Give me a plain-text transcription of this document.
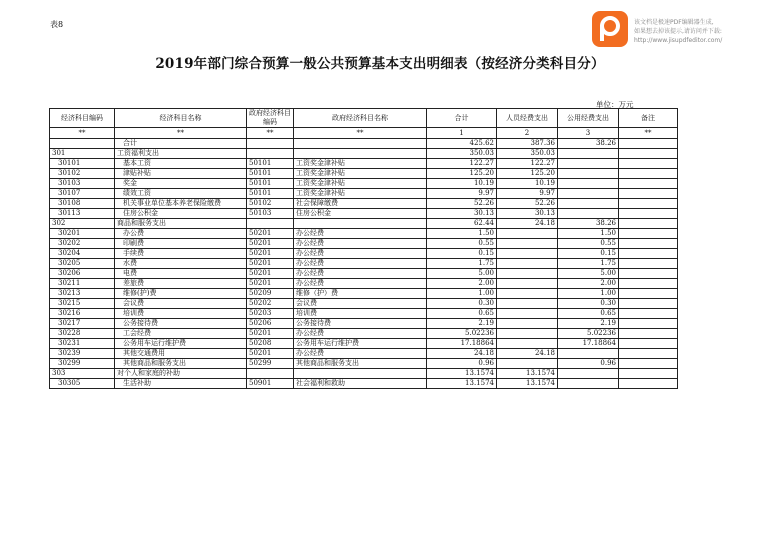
表8	该文档是极速PDF编辑器生成,
如果想去掉该提示,请访问并下载:
http://www.jisupdfeditor.com/
2019年部门综合预算一般公共预算基本支出明细表（按经济分类科目分）
单位：万元
经济科目编码	经济科目名称	政府经济科目编码	政府经济科目名称	合计	人员经费支出	公用经费支出	备注
**	**	**	**	1	2	3	**
	合计			425.62	387.36	38.26	
301	工资福利支出			350.03	350.03		
30101	基本工资	50101	工资奖金津补贴	122.27	122.27		
30102	津贴补贴	50101	工资奖金津补贴	125.20	125.20		
30103	奖金	50101	工资奖金津补贴	10.19	10.19		
30107	绩效工资	50101	工资奖金津补贴	9.97	9.97		
30108	机关事业单位基本养老保险缴费	50102	社会保障缴费	52.26	52.26		
30113	住房公积金	50103	住房公积金	30.13	30.13		
302	商品和服务支出			62.44	24.18	38.26	
30201	办公费	50201	办公经费	1.50		1.50	
30202	印刷费	50201	办公经费	0.55		0.55	
30204	手续费	50201	办公经费	0.15		0.15	
30205	水费	50201	办公经费	1.75		1.75	
30206	电费	50201	办公经费	5.00		5.00	
30211	差旅费	50201	办公经费	2.00		2.00	
30213	维修(护)费	50209	维修（护）费	1.00		1.00	
30215	会议费	50202	会议费	0.30		0.30	
30216	培训费	50203	培训费	0.65		0.65	
30217	公务接待费	50206	公务接待费	2.19		2.19	
30228	工会经费	50201	办公经费	5.02236		5.02236	
30231	公务用车运行维护费	50208	公务用车运行维护费	17.18864		17.18864	
30239	其他交通费用	50201	办公经费	24.18	24.18		
30299	其他商品和服务支出	50299	其他商品和服务支出	0.96		0.96	
303	对个人和家庭的补助			13.1574	13.1574		
30305	生活补助	50901	社会福利和救助	13.1574	13.1574		
